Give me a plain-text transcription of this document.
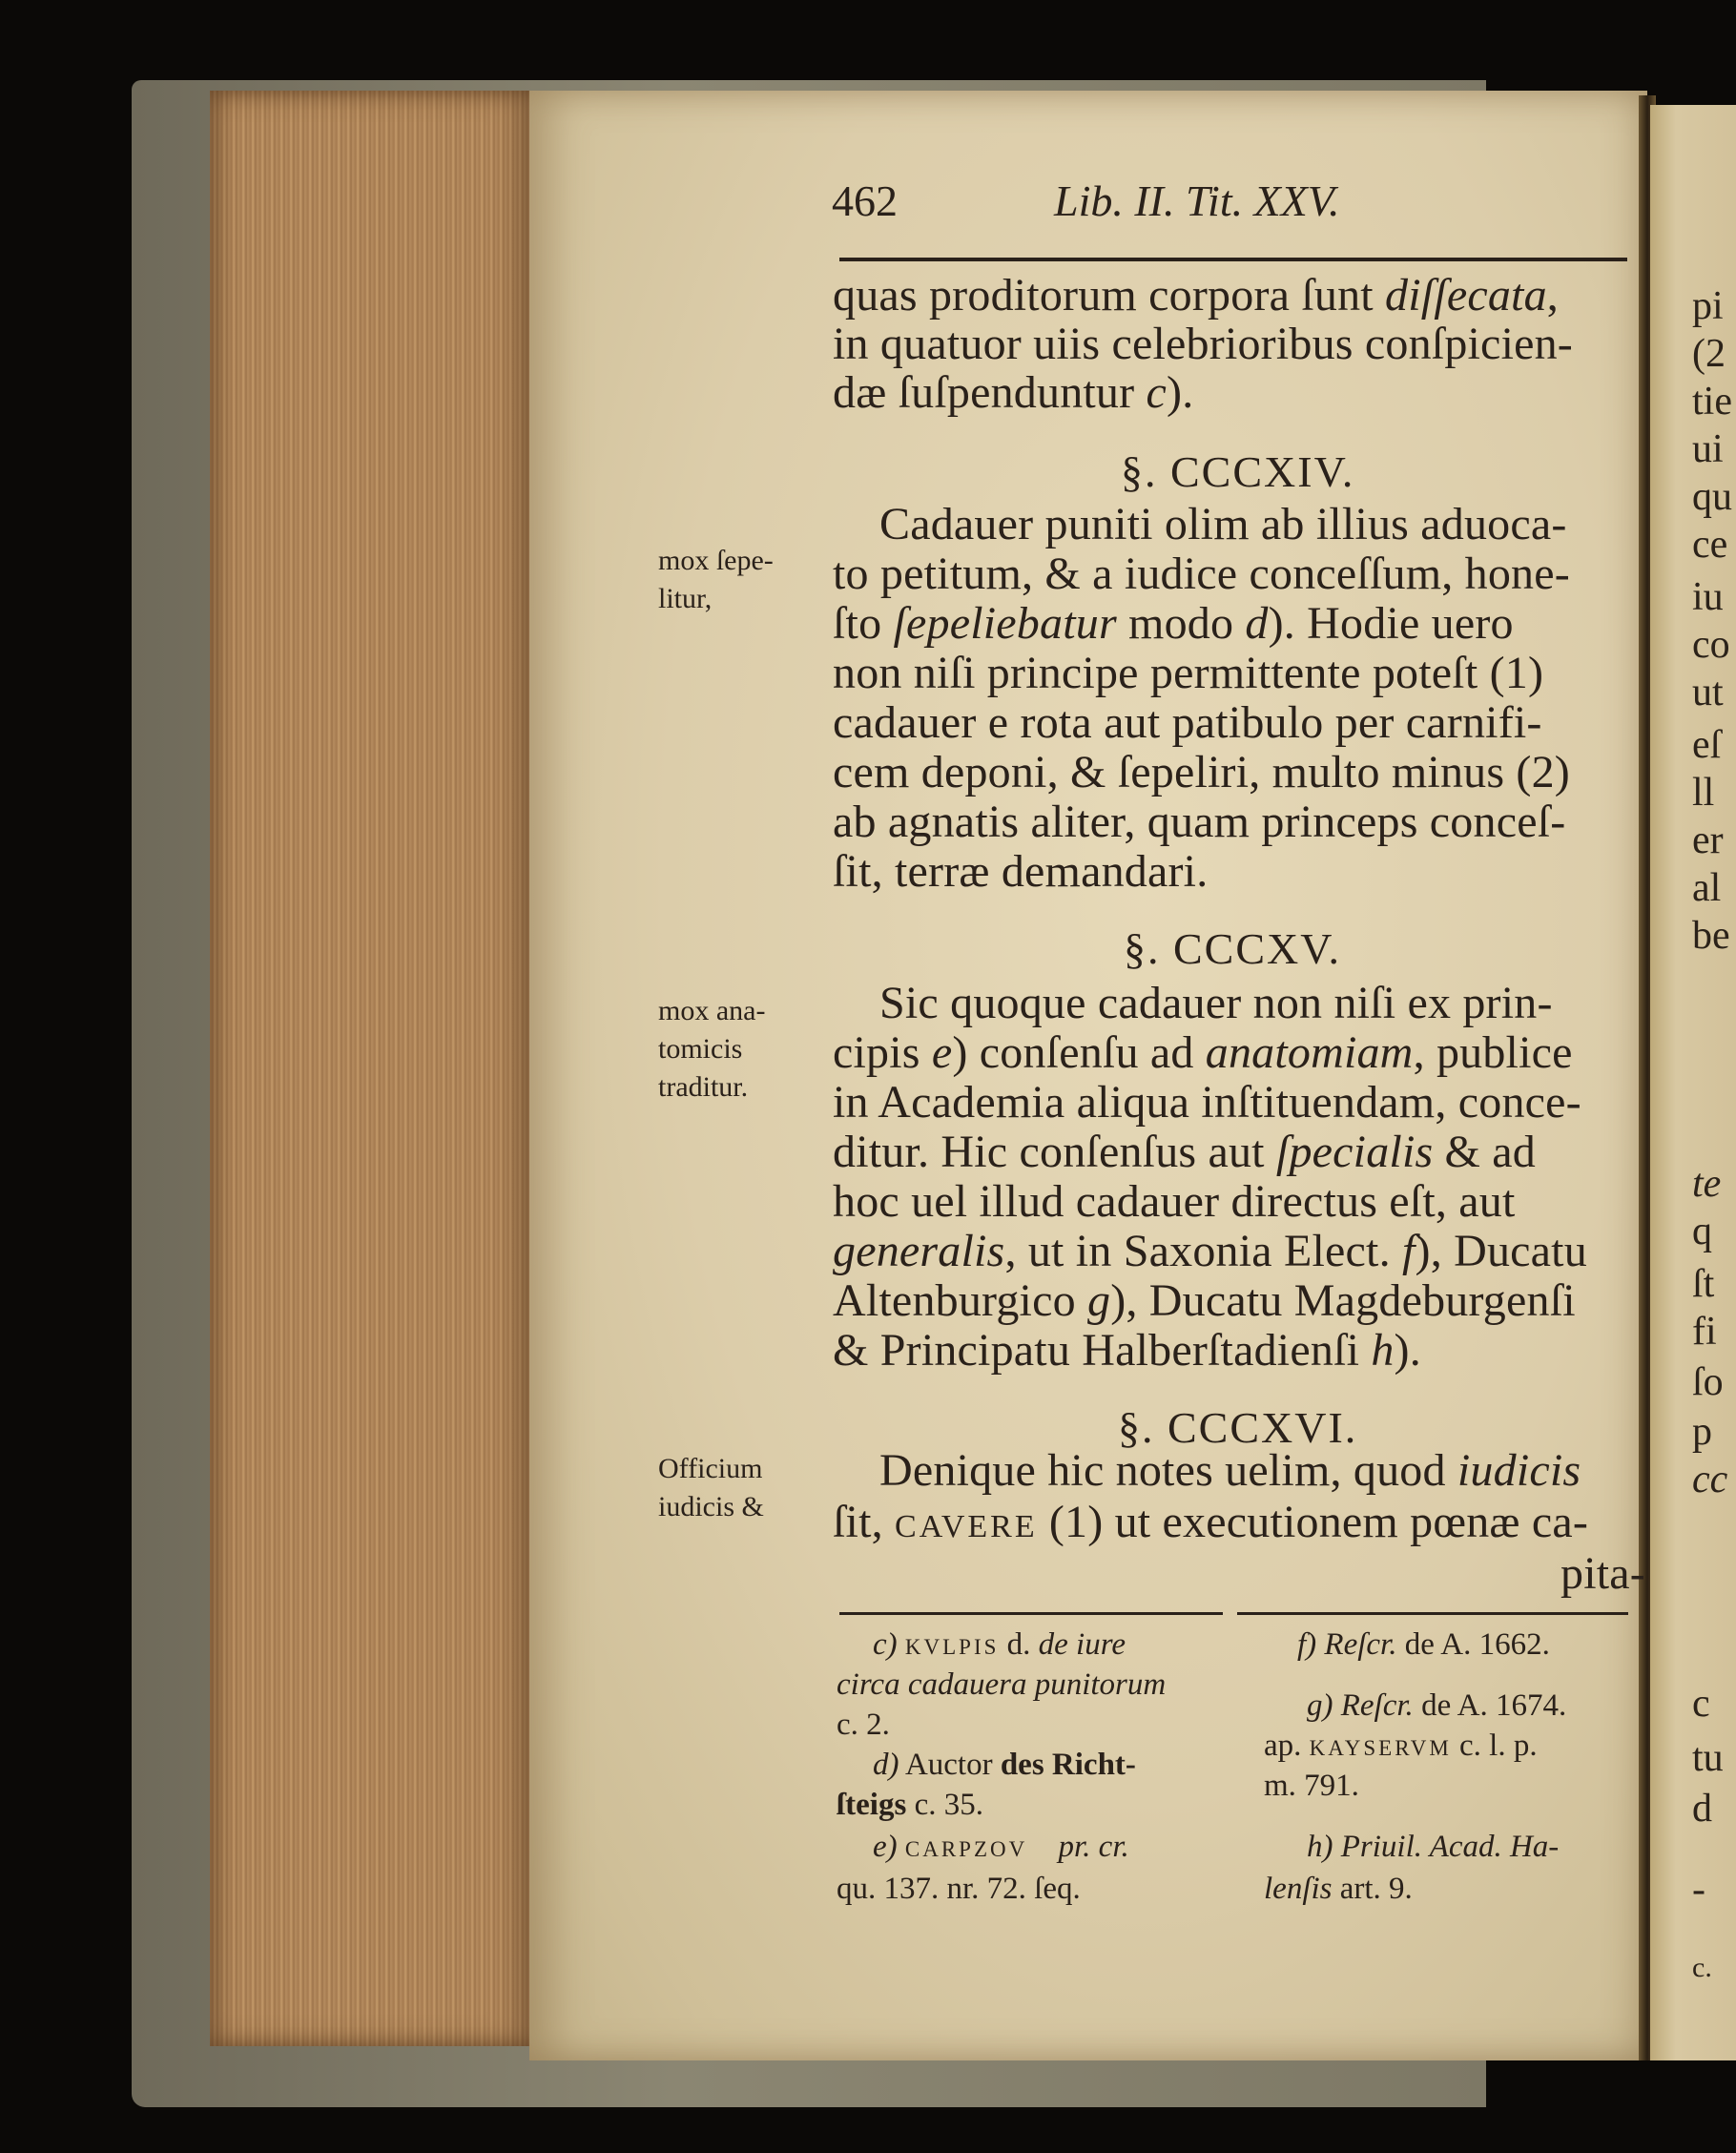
pi
(2
tie
ui
qu
ce
iu
co
ut
eſ
ll
er
al
be
te
q
ſt
fi
ſo
p
cc
c
tu
d
-
c.
462	Lib. II. Tit. XXV.
quas proditorum corpora ſunt diſſecata,
in quatuor uiis celebrioribus conſpicien-
dæ ſuſpenduntur c).
§. CCCXIV.
Cadauer puniti olim ab illius aduoca-
to petitum, & a iudice conceſſum, hone-
ſto ſepeliebatur modo d). Hodie uero
non niſi principe permittente poteſt (1)
cadauer e rota aut patibulo per carnifi-
cem deponi, & ſepeliri, multo minus (2)
ab agnatis aliter, quam princeps conceſ-
ſit, terræ demandari.
§. CCCXV.
Sic quoque cadauer non niſi ex prin-
cipis e) conſenſu ad anatomiam, publice
in Academia aliqua inſtituendam, conce-
ditur. Hic conſenſus aut ſpecialis & ad
hoc uel illud cadauer directus eſt, aut
generalis, ut in Saxonia Elect. f), Ducatu
Altenburgico g), Ducatu Magdeburgenſi
& Principatu Halberſtadienſi h).
§. CCCXVI.
Denique hic notes uelim, quod iudicis
ſit, cavere (1) ut executionem pœnæ ca-
pita-
mox ſepe-
litur,
mox ana-
tomicis
traditur.
Officium
iudicis &
c) kvlpis d. de iure
circa cadauera punitorum
c. 2.
d) Auctor des Richt-
ſteigs c. 35.
e) carpzov pr. cr.
qu. 137. nr. 72. ſeq.
f) Reſcr. de A. 1662.
g) Reſcr. de A. 1674.
ap. kayservm c. l. p.
m. 791.
h) Priuil. Acad. Ha-
lenſis art. 9.
